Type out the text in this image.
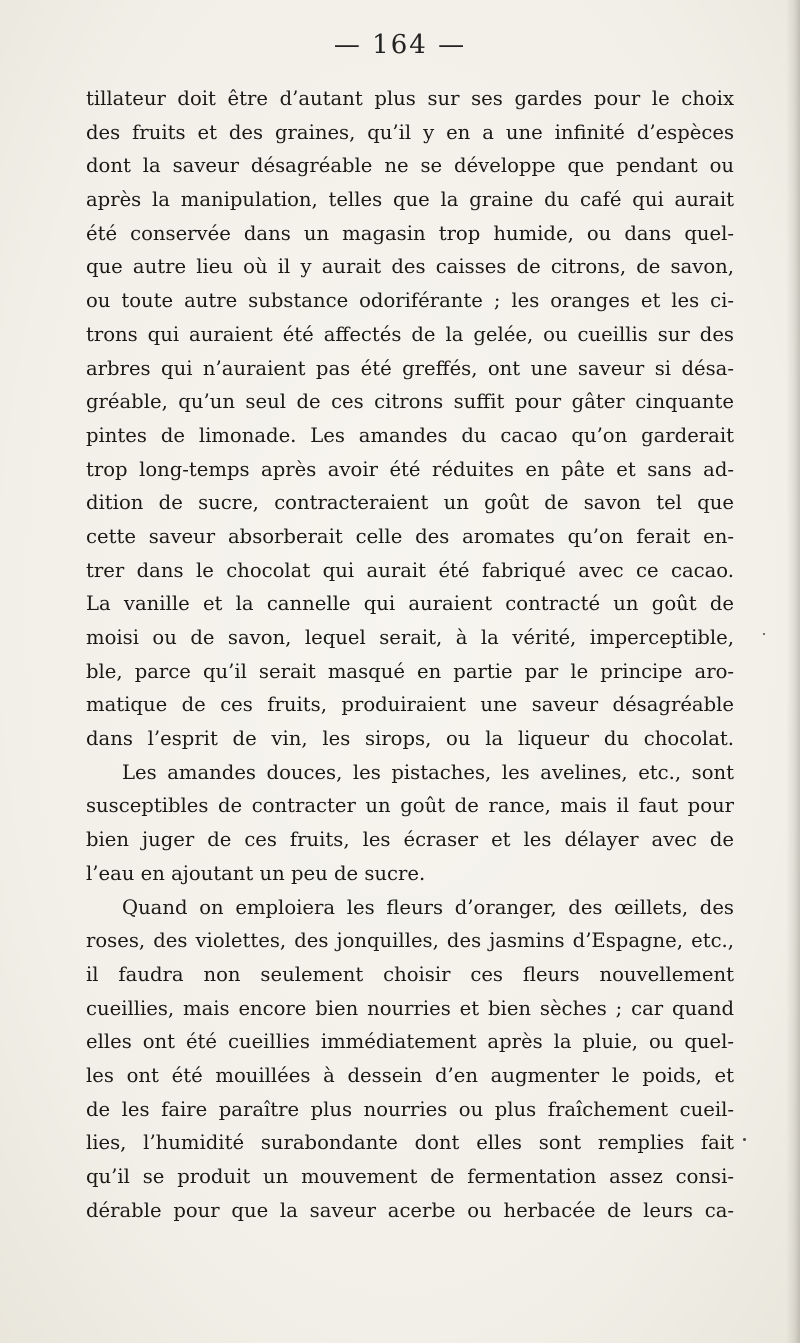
— 164 —
tillateur doit être d’autant plus sur ses gardes pour le choix
des fruits et des graines, qu’il y en a une infinité d’espèces
dont la saveur désagréable ne se développe que pendant ou
après la manipulation, telles que la graine du café qui aurait
été conservée dans un magasin trop humide, ou dans quel-
que autre lieu où il y aurait des caisses de citrons, de savon,
ou toute autre substance odoriférante ; les oranges et les ci-
trons qui auraient été affectés de la gelée, ou cueillis sur des
arbres qui n’auraient pas été greffés, ont une saveur si désa-
gréable, qu’un seul de ces citrons suffit pour gâter cinquante
pintes de limonade. Les amandes du cacao qu’on garderait
trop long-temps après avoir été réduites en pâte et sans ad-
dition de sucre, contracteraient un goût de savon tel que
cette saveur absorberait celle des aromates qu’on ferait en-
trer dans le chocolat qui aurait été fabriqué avec ce cacao.
La vanille et la cannelle qui auraient contracté un goût de
moisi ou de savon, lequel serait, à la vérité, imperceptible,
ble, parce qu’il serait masqué en partie par le principe aro-
matique de ces fruits, produiraient une saveur désagréable
dans l’esprit de vin, les sirops, ou la liqueur du chocolat.
Les amandes douces, les pistaches, les avelines, etc., sont
susceptibles de contracter un goût de rance, mais il faut pour
bien juger de ces fruits, les écraser et les délayer avec de
l’eau en ajoutant un peu de sucre.
Quand on emploiera les fleurs d’oranger, des œillets, des
roses, des violettes, des jonquilles, des jasmins d’Espagne, etc.,
il faudra non seulement choisir ces fleurs nouvellement
cueillies, mais encore bien nourries et bien sèches ; car quand
elles ont été cueillies immédiatement après la pluie, ou quel-
les ont été mouillées à dessein d’en augmenter le poids, et
de les faire paraître plus nourries ou plus fraîchement cueil-
lies, l’humidité surabondante dont elles sont remplies fait
qu’il se produit un mouvement de fermentation assez consi-
dérable pour que la saveur acerbe ou herbacée de leurs ca-
